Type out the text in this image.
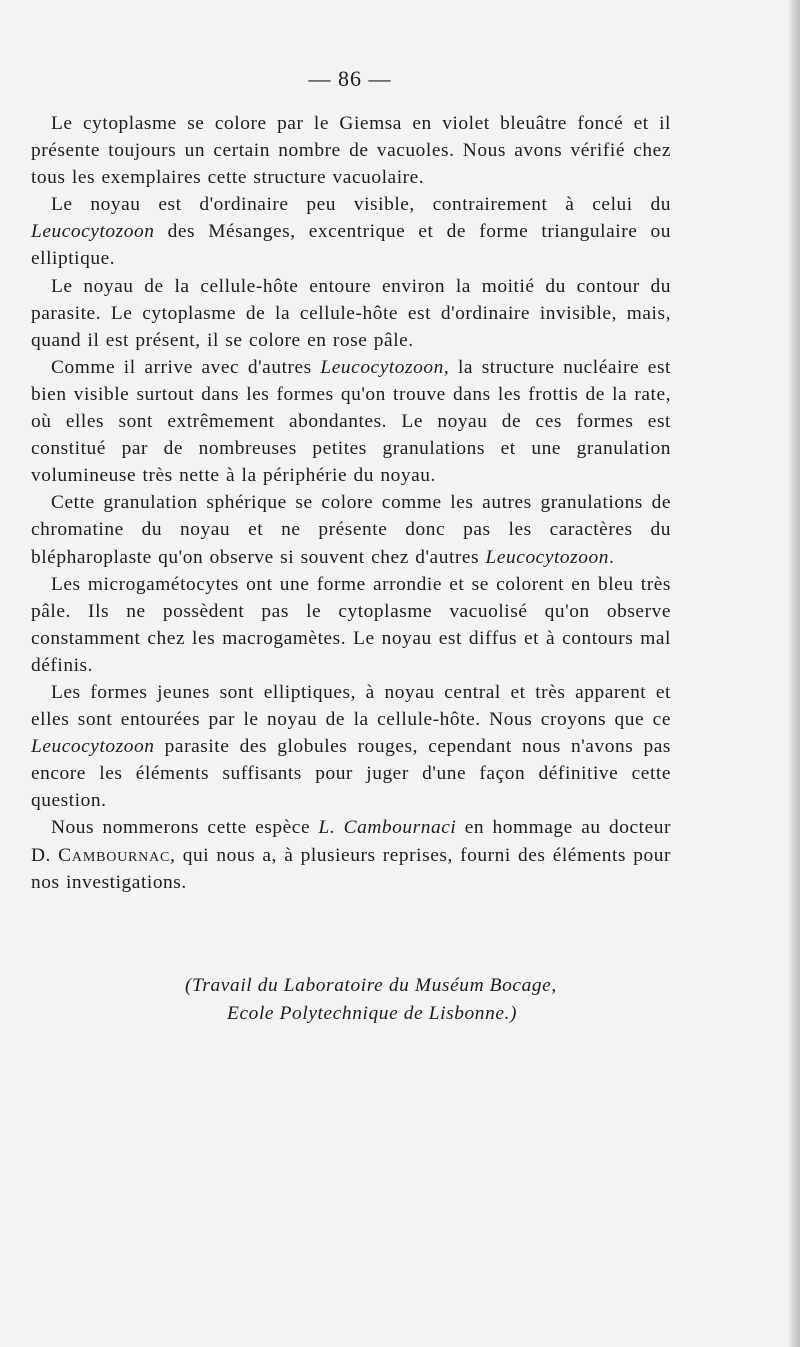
— 86 —

Le cytoplasme se colore par le Giemsa en violet bleuâtre foncé et il présente toujours un certain nombre de vacuoles. Nous avons vérifié chez tous les exemplaires cette structure vacuolaire.

Le noyau est d'ordinaire peu visible, contrairement à celui du Leucocytozoon des Mésanges, excentrique et de forme triangulaire ou elliptique.

Le noyau de la cellule-hôte entoure environ la moitié du contour du parasite. Le cytoplasme de la cellule-hôte est d'ordinaire invisible, mais, quand il est présent, il se colore en rose pâle.

Comme il arrive avec d'autres Leucocytozoon, la structure nucléaire est bien visible surtout dans les formes qu'on trouve dans les frottis de la rate, où elles sont extrêmement abondantes. Le noyau de ces formes est constitué par de nombreuses petites granulations et une granulation volumineuse très nette à la périphérie du noyau.

Cette granulation sphérique se colore comme les autres granulations de chromatine du noyau et ne présente donc pas les caractères du blépharoplaste qu'on observe si souvent chez d'autres Leucocytozoon.

Les microgamétocytes ont une forme arrondie et se colorent en bleu très pâle. Ils ne possèdent pas le cytoplasme vacuolisé qu'on observe constamment chez les macrogamètes. Le noyau est diffus et à contours mal définis.

Les formes jeunes sont elliptiques, à noyau central et très apparent et elles sont entourées par le noyau de la cellule-hôte. Nous croyons que ce Leucocytozoon parasite des globules rouges, cependant nous n'avons pas encore les éléments suffisants pour juger d'une façon définitive cette question.

Nous nommerons cette espèce L. Cambournaci en hommage au docteur D. Cambournac, qui nous a, à plusieurs reprises, fourni des éléments pour nos investigations.

(Travail du Laboratoire du Muséum Bocage,
Ecole Polytechnique de Lisbonne.)
